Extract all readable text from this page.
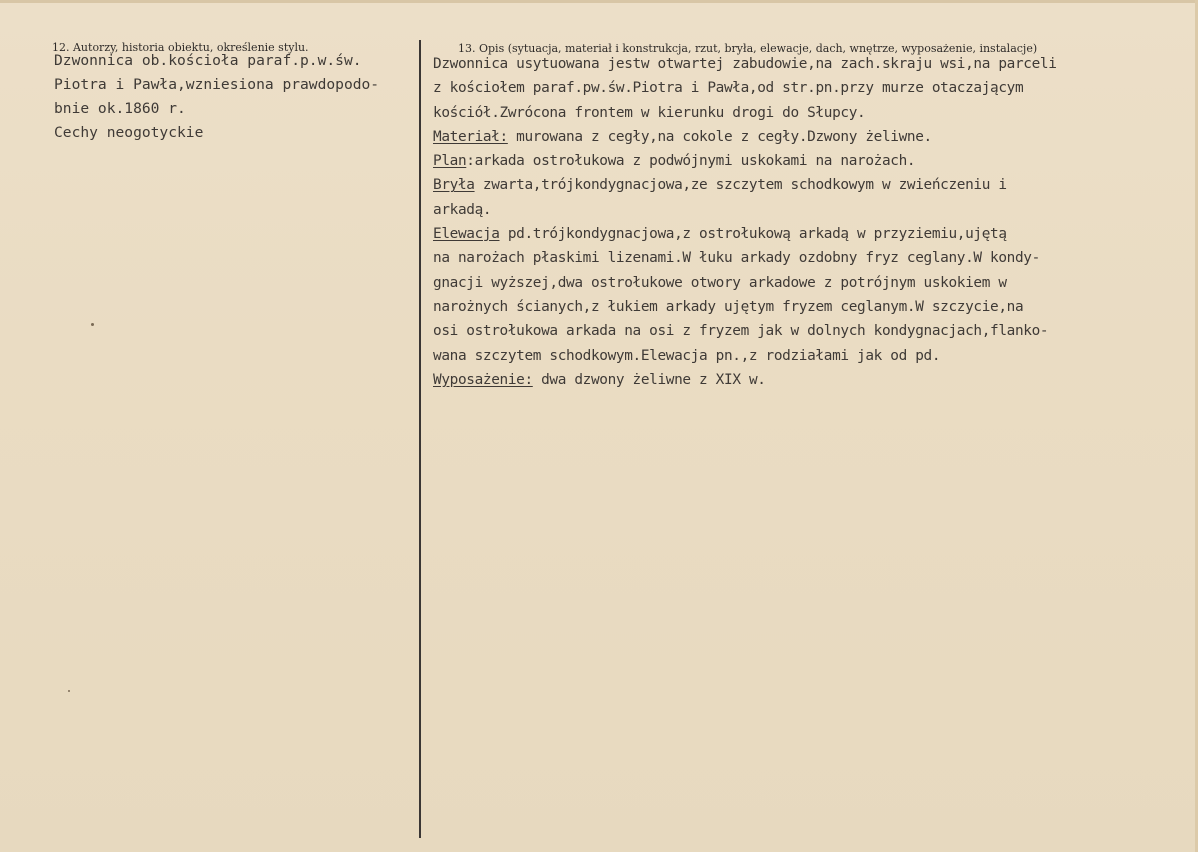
12. Autorzy, historia obiektu, określenie stylu.	13. Opis (sytuacja, materiał i konstrukcja, rzut, bryła, elewacje, dach, wnętrze, wyposażenie, instalacje)
Dzwonnica ob.kościoła paraf.p.w.św.
Piotra i Pawła,wzniesiona prawdopodo-
bnie ok.1860 r.
Cechy neogotyckie
Dzwonnica usytuowana jestw otwartej zabudowie,na zach.skraju wsi,na parceli
z kościołem paraf.pw.św.Piotra i Pawła,od str.pn.przy murze otaczającym
kościół.Zwrócona frontem w kierunku drogi do Słupcy.
Materiał: murowana z cegły,na cokole z cegły.Dzwony żeliwne.
Plan:arkada ostrołukowa z podwójnymi uskokami na narożach.
Bryła zwarta,trójkondygnacjowa,ze szczytem schodkowym w zwieńczeniu i
arkadą.
Elewacja pd.trójkondygnacjowa,z ostrołukową arkadą w przyziemiu,ujętą
na narożach płaskimi lizenami.W łuku arkady ozdobny fryz ceglany.W kondy-
gnacji wyższej,dwa ostrołukowe otwory arkadowe z potrójnym uskokiem w
narożnych ścianych,z łukiem arkady ujętym fryzem ceglanym.W szczycie,na
osi ostrołukowa arkada na osi z fryzem jak w dolnych kondygnacjach,flanko-
wana szczytem schodkowym.Elewacja pn.,z rodziałami jak od pd.
Wyposażenie: dwa dzwony żeliwne z XIX w.
